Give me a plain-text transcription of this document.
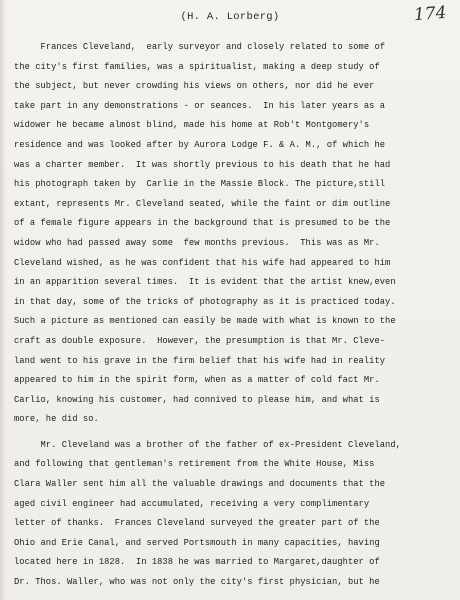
(H. A. Lorberg)	174
Frances Cleveland,  early surveyor and closely related to some of
the city's first families, was a spiritualist, making a deep study of
the subject, but never crowding his views on others, nor did he ever
take part in any demonstrations - or seances.  In his later years as a
widower he became almost blind, made his home at Rob't Montgomery's
residence and was looked after by Aurora Lodge F. & A. M., of which he
was a charter member.  It was shortly previous to his death that he had
his photograph taken by  Carlie in the Massie Block. The picture,still
extant, represents Mr. Cleveland seated, while the faint or dim outline
of a female figure appears in the background that is presumed to be the
widow who had passed away some  few months previous.  This was as Mr.
Cleveland wished, as he was confident that his wife had appeared to him
in an apparition several times.  It is evident that the artist knew,even
in that day, some of the tricks of photography as it is practiced today.
Such a picture as mentioned can easily be made with what is known to the
craft as double exposure.  However, the presumption is that Mr. Cleve-
land went to his grave in the firm belief that his wife had in reality
appeared to him in the spirit form, when as a matter of cold fact Mr.
Carlio, knowing his customer, had connived to please him, and what is
more, he did so.
Mr. Cleveland was a brother of the father of ex-President Cleveland,
and following that gentleman's retirement from the White House, Miss
Clara Waller sent him all the valuable drawings and documents that the
aged civil engineer had accumulated, receiving a very complimentary
letter of thanks.  Frances Cleveland surveyed the greater part of the
Ohio and Erie Canal, and served Portsmouth in many capacities, having
located here in 1828.  In 1838 he was married to Margaret,daughter of
Dr. Thos. Waller, who was not only the city's first physician, but he
